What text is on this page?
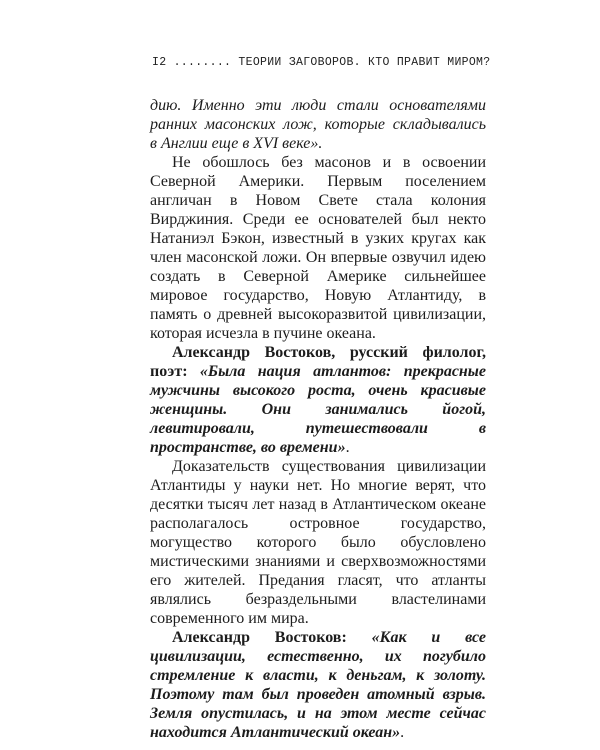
I2 ........ ТЕОРИИ ЗАГОВОРОВ. КТО ПРАВИТ МИРОМ?

дию. Именно эти люди стали основателями

ранних масонских лож, которые складывались

в Англии еще в XVI веке».

Не обошлось без масонов и в освоении Северной Америки. Первым поселением англичан в Новом Свете стала колония Вирджиния. Среди ее основателей был некто Натаниэл Бэкон, известный в узких кругах как член масонской ложи. Он впервые озвучил идею создать в Северной Америке сильнейшее мировое государство, Новую Атлантиду, в память о древней высокоразвитой цивилизации, которая исчезла в пучине океана.

Александр Востоков, русский филолог, поэт: «Была нация атлантов: прекрасные мужчины высокого роста, очень красивые женщины. Они занимались йогой, левитировали, путешествовали в пространстве, во времени».

Доказательств существования цивилизации Атлантиды у науки нет. Но многие верят, что десятки тысяч лет назад в Атлантическом океане располагалось островное государство, могущество которого было обусловлено мистическими знаниями и сверхвозможностями его жителей. Предания гласят, что атланты являлись безраздельными властелинами современного им мира.

Александр Востоков: «Как и все цивилизации, естественно, их погубило стремление к власти, к деньгам, к золоту. Поэтому там был проведен атомный взрыв. Земля опустилась, и на этом месте сейчас находится Атлантический океан».
